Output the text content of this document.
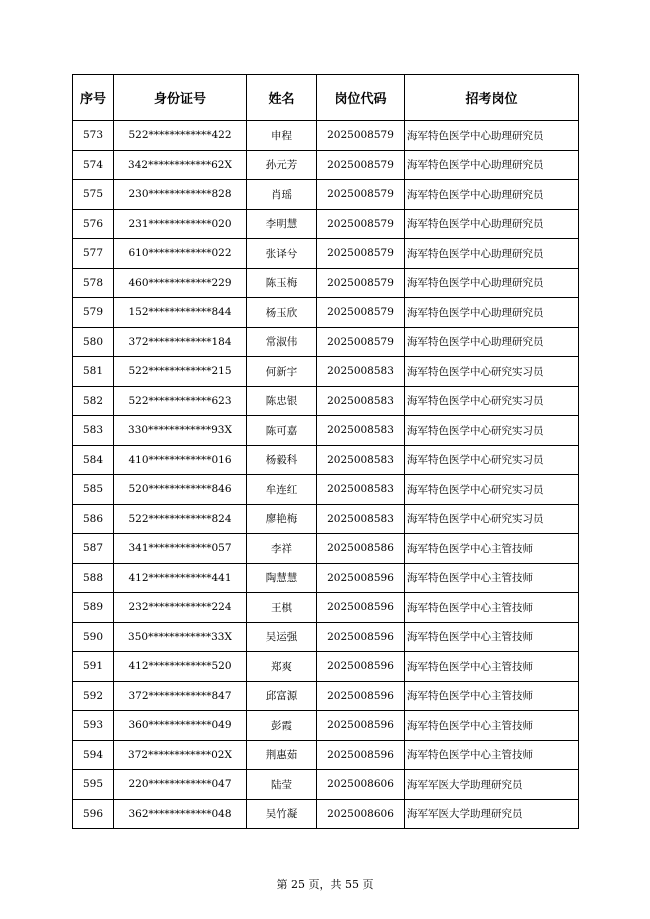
序号	身份证号	姓名	岗位代码	招考岗位
573	522************422	申程	2025008579	海军特色医学中心助理研究员
574	342************62X	孙元芳	2025008579	海军特色医学中心助理研究员
575	230************828	肖瑶	2025008579	海军特色医学中心助理研究员
576	231************020	李明慧	2025008579	海军特色医学中心助理研究员
577	610************022	张译兮	2025008579	海军特色医学中心助理研究员
578	460************229	陈玉梅	2025008579	海军特色医学中心助理研究员
579	152************844	杨玉欣	2025008579	海军特色医学中心助理研究员
580	372************184	常淑伟	2025008579	海军特色医学中心助理研究员
581	522************215	何新宇	2025008583	海军特色医学中心研究实习员
582	522************623	陈忠银	2025008583	海军特色医学中心研究实习员
583	330************93X	陈可嘉	2025008583	海军特色医学中心研究实习员
584	410************016	杨毅科	2025008583	海军特色医学中心研究实习员
585	520************846	牟连红	2025008583	海军特色医学中心研究实习员
586	522************824	廖艳梅	2025008583	海军特色医学中心研究实习员
587	341************057	李祥	2025008586	海军特色医学中心主管技师
588	412************441	陶慧慧	2025008596	海军特色医学中心主管技师
589	232************224	王棋	2025008596	海军特色医学中心主管技师
590	350************33X	吴运强	2025008596	海军特色医学中心主管技师
591	412************520	郑爽	2025008596	海军特色医学中心主管技师
592	372************847	邱富源	2025008596	海军特色医学中心主管技师
593	360************049	彭霞	2025008596	海军特色医学中心主管技师
594	372************02X	荆惠茹	2025008596	海军特色医学中心主管技师
595	220************047	陆莹	2025008606	海军军医大学助理研究员
596	362************048	吴竹凝	2025008606	海军军医大学助理研究员
第 25 页，共 55 页
